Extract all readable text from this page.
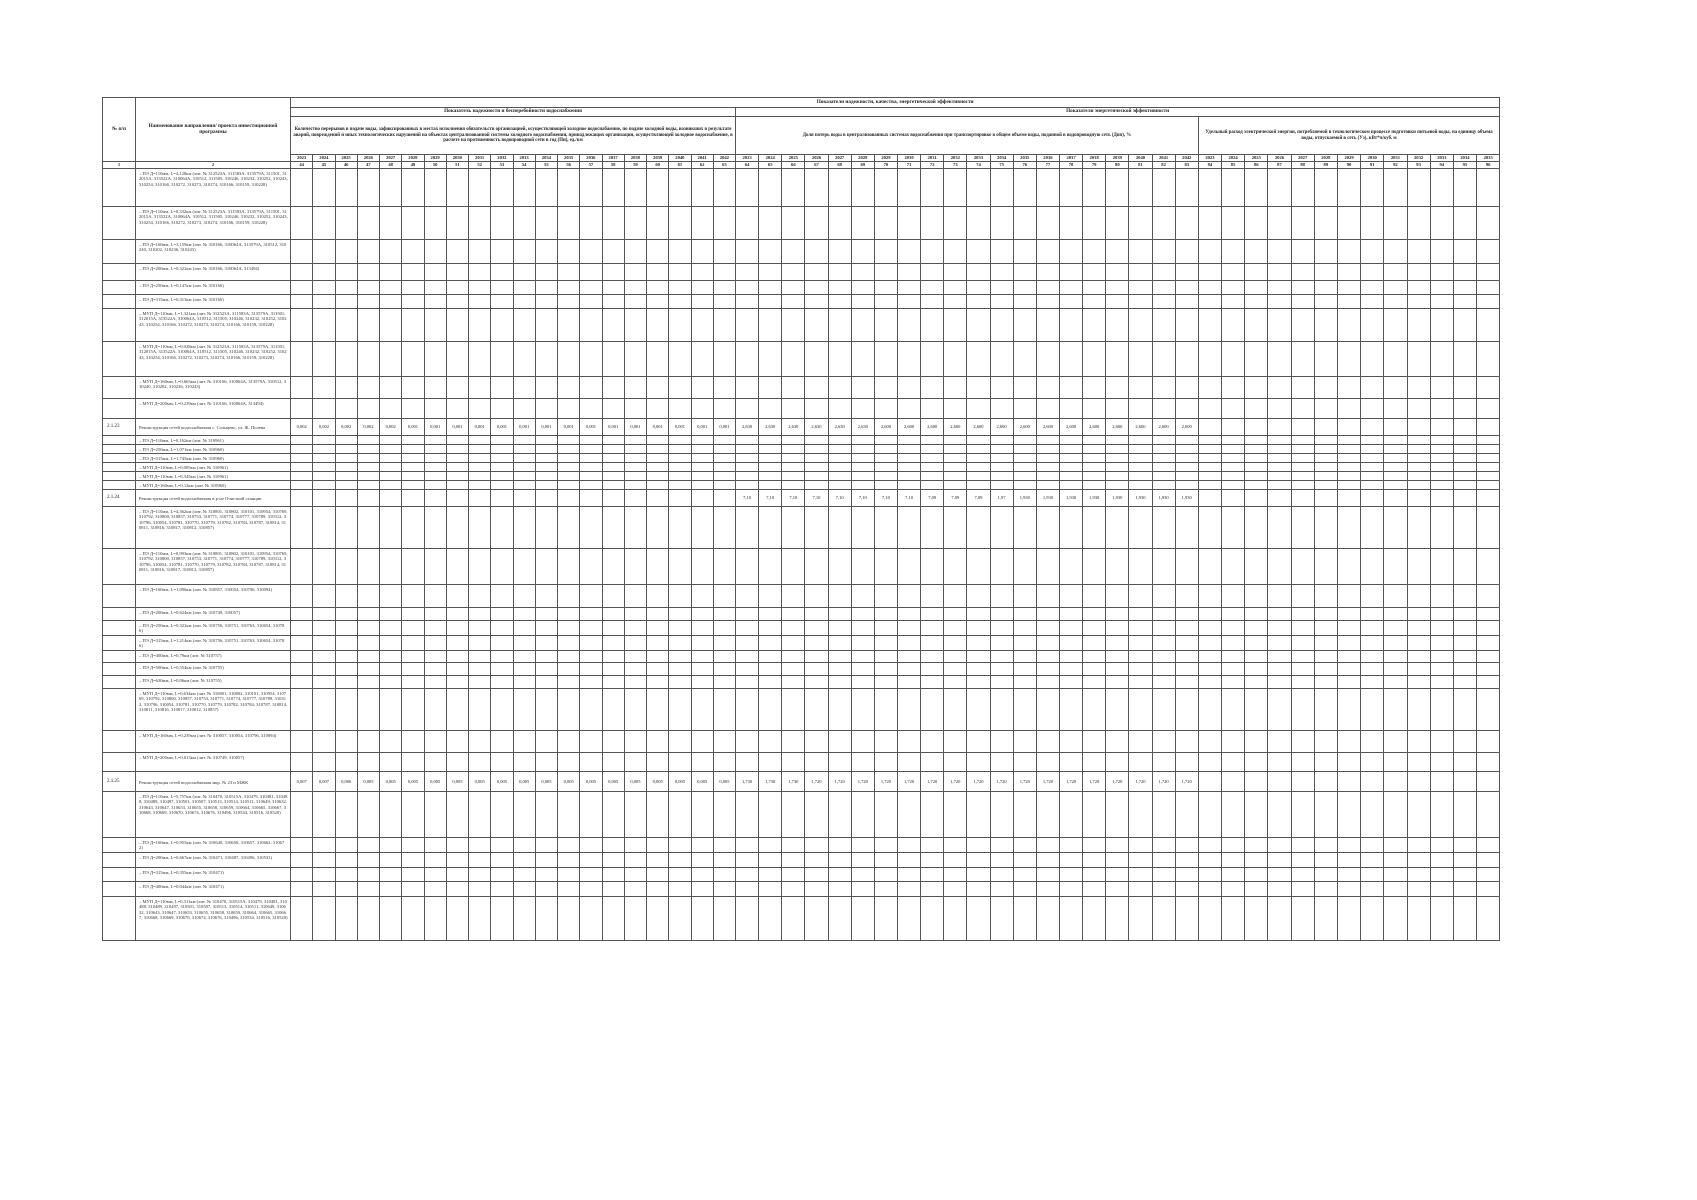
№ п/п	Наименование направления/ проекта инвестиционной программы	Показатели надежности, качества, энергетической эффективности																																																				
		Показатель надежности и бесперебойности водоснабжения																				Показатели энергетической эффективности																																
		Количество перерывов в подаче воды, зафиксированных в местах исполнения обязательств организацией, осуществляющей холодное водоснабжение, по подаче холодной воды, возникших в результате аварий, повреждений и иных технологических нарушений на объектах централизованной системы холодного водоснабжения, принадлежащих организации, осуществляющей холодное водоснабжение, в расчете на протяженность водопроводной сети в год (Пн), ед./км																				Доля потерь воды в централизованных системах водоснабжения при транспортировке в общем объеме воды, поданной в водопроводную сеть (Дпп), %																				Удельный расход электрической энергии, потребляемой в технологическом процессе подготовки питьевой воды, на единицу объема воды, отпускаемой в сеть (Уэ), кВт*ч/куб. м												
		2023	2024	2025	2026	2027	2028	2029	2030	2031	2032	2033	2034	2035	2036	2037	2038	2039	2040	2041	2042	2023	2024	2025	2026	2027	2028	2029	2030	2031	2032	2033	2034	2035	2036	2037	2038	2039	2040	2041	2042	2023	2024	2025	2026	2027	2028	2029	2030	2031	2032	2033	2034	2035
1	2	44	45	46	47	48	49	50	51	52	53	54	55	56	57	58	59	60	61	62	63	64	65	66	67	68	69	70	71	72	73	74	75	76	77	78	79	80	81	82	83	84	85	86	87	88	89	90	91	92	93	94	95	96
	– ПЭ Д=110мм, L=4,128км (лит. № 312523А, 311583А, 313579А, 311501, 312015А, 313522А, 310064А, 310512, 311505, 310246, 310232, 310252, 310243, 310254, 310166, 310272, 310273, 310274, 310166, 310159, 310228)																																																					
	– ПЭ Д=110мм, L=0,332км (лит. № 312523А, 311583А, 313579А, 311501, 312015А, 313522А, 310064А, 310512, 311505, 310246, 310232, 310252, 310243, 310254, 310166, 310272, 310273, 310274, 310166, 310159, 310228)																																																					
	– ПЭ Д=160мм, L=3,159км (лит. № 310166, 310064А, 313579А, 310512, 310240, 310202, 310236, 310243)																																																					
	– ПЭ Д=200мм, L=0,322км (лит. № 310166, 310064А, 313494)																																																					
	– ПЭ Д=250мм, L=0,147км (лит. № 310166)																																																					
	– ПЭ Д=315мм, L=0,313км (лит. № 310166)																																																					
	– МУП Д=110мм, L=1,321км (лит. № 312523А, 311583А, 313579А, 311501, 312015А, 313522А, 310064А, 310512, 311505, 310246, 310232, 310252, 310243, 310254, 310166, 310272, 310273, 310274, 310166, 310159, 310228)																																																					
	– МУП Д=110мм, L=0,028км (лит. № 312523А, 311583А, 313579А, 311501, 312015А, 313522А, 310064А, 310512, 311505, 310246, 310232, 310252, 310243, 310254, 310166, 310272, 310273, 310274, 310166, 310159, 310228)																																																					
	– МУП Д=160мм, L=0,663км (лит. № 310166, 310064А, 313579А, 310512, 310240, 310202, 310236, 310243)																																																					
	– МУП Д=200мм, L=0,239км (лит. № 310166, 310064А, 313494)																																																					
2.1.23	Реконструкция сетей водоснабжения с. Солнцево, ул. Ж. Полева	0,002	0,002	0,002	0,002	0,002	0,001	0,001	0,001	0,001	0,001	0,001	0,001	0,001	0,001	0,001	0,001	0,001	0,001	0,001	0,001	2,630	2,630	2,630	2,630	2,630	2,630	2,600	2,600	2,600	2,600	2,600	2,600	2,600	2,600	2,600	2,600	2,600	2,600	2,600	2,600													
	– ПЭ Д=110мм, L=0,162км (лит. № 310961)																																																					
	– ПЭ Д=250мм, L=1,071км (лит. № 310960)																																																					
	– ПЭ Д=315мм, L=1,745км (лит. № 310960)																																																					
	– МУП Д=110мм, L=0,005км (лит. № 310961)																																																					
	– МУП Д=110мм, L=0,345км (лит. № 310961)																																																					
	– МУП Д=160мм, L=0,12км (лит. № 310960)																																																					
2.1.24	Реконструкция сетей водоснабжения в р-не Очистной станции																					7,10	7,10	7,10	7,10	7,10	7,10	7,10	7,10	7,09	7,09	7,09	1,97	1,930	1,930	1,930	1,930	1,930	1,930	1,930	1,930													
	– ПЭ Д=110мм, L=4,362км (лит. № 310801, 310802, 310101, 310954, 310769, 310792, 310800, 310857, 310753, 310771, 310774, 310777, 310789, 310312, 310796, 310054, 310781, 310770, 310779, 310782, 310784, 310787, 310814, 310811, 310816, 310817, 310812, 310857)																																																					
	– ПЭ Д=110мм, L=0,993км (лит. № 310801, 310802, 310101, 310954, 310769, 310792, 310800, 310857, 310753, 310771, 310774, 310777, 310789, 310312, 310796, 310054, 310781, 310770, 310779, 310782, 310784, 310787, 310814, 310811, 310816, 310817, 310812, 310857)																																																					
	– ПЭ Д=160мм, L=1,096км (лит. № 310857, 310054, 310796, 310094)																																																					
	– ПЭ Д=200мм, L=0,624км (лит. № 310749, 310057)																																																					
	– ПЭ Д=250мм, L=0,322км (лит. № 310756, 310751, 310763, 310654, 310786)																																																					
	– ПЭ Д=315мм, L=1,214км (лит. № 310756, 310751, 310763, 310654, 310786)																																																					
	– ПЭ Д=400мм, L=0,79км (лит. № 310757)																																																					
	– ПЭ Д=500мм, L=0,554км (лит. № 310755)																																																					
	– ПЭ Д=630мм, L=0,06км (лит. № 310755)																																																					
	– МУП Д=110мм, L=0,634км (лит. № 310801, 310802, 310101, 310954, 310769, 310792, 310800, 310857, 310753, 310771, 310774, 310777, 310789, 310312, 310796, 310054, 310781, 310770, 310779, 310782, 310784, 310787, 310814, 310811, 310816, 310817, 310812, 310857)																																																					
	– МУП Д=160мм, L=0,239км (лит. № 310057, 310054, 310796, 310094)																																																					
	– МУП Д=200мм, L=0,013км (лит. № 310749, 310057)																																																					
2.1.25	Реконструкция сетей водоснабжения мкр. № 23 и МЖК	0,007	0,007	0,006	0,005	0,005	0,005	0,005	0,005	0,005	0,005	0,005	0,005	0,005	0,005	0,005	0,005	0,005	0,005	0,005	0,005	1,730	1,730	1,730	1,720	1,720	1,720	1,720	1,720	1,720	1,720	1,720	1,720	1,720	1,720	1,720	1,720	1,720	1,720	1,720	1,720													
	– ПЭ Д=110мм, L=5,757км (лит. № 310470, 310515А, 310479, 310481, 310488, 310489, 310497, 310501, 310507, 310513, 310514, 310511, 310649, 310632, 310643, 310647, 310653, 310655, 310658, 310659, 310664, 310665, 310667, 310668, 310669, 310670, 310674, 310676, 310496, 310534, 310516, 310520)																																																					
	– ПЭ Д=160мм, L=0,955км (лит. № 310640, 310656, 310657, 310662, 310672)																																																					
	– ПЭ Д=200мм, L=0,667км (лит. № 310471, 310487, 310496, 310531)																																																					
	– ПЭ Д=315мм, L=0,355км (лит. № 310471)																																																					
	– ПЭ Д=400мм, L=0,044км (лит. № 310471)																																																					
	– МУП Д=110мм, L=0,311км (лит. № 310470, 310515А, 310479, 310481, 310488, 310489, 310497, 310501, 310507, 310513, 310514, 310511, 310649, 310632, 310643, 310647, 310653, 310655, 310658, 310659, 310664, 310665, 310667, 310668, 310669, 310670, 310674, 310676, 310496, 310534, 310516, 310520)																																																					
